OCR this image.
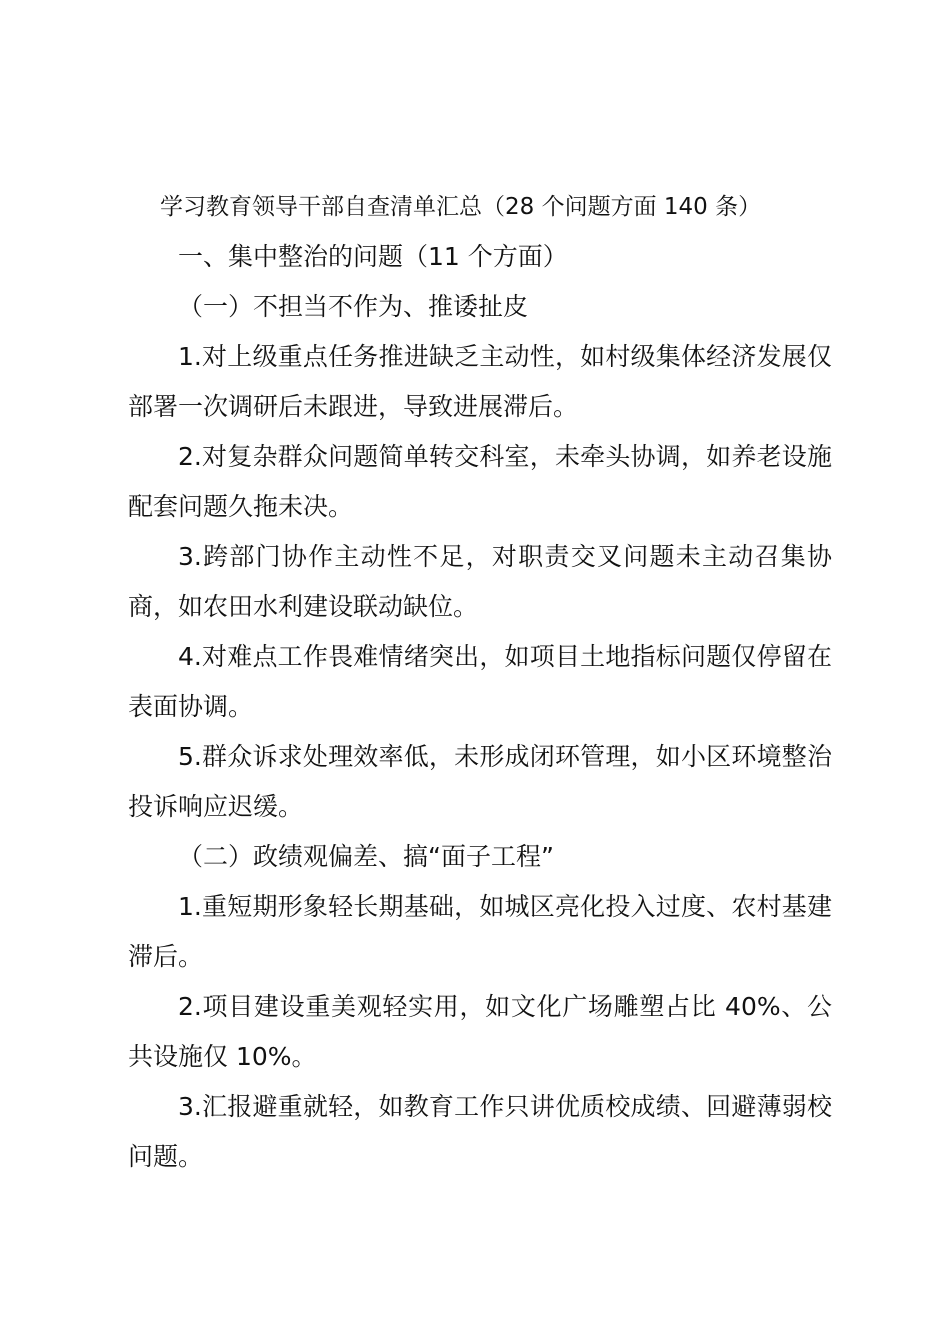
学习教育领导干部自查清单汇总（28 个问题方面 140 条）

一、集中整治的问题（11 个方面）

（一）不担当不作为、推诿扯皮

1.对上级重点任务推进缺乏主动性，如村级集体经济发展仅部署一次调研后未跟进，导致进展滞后。

2.对复杂群众问题简单转交科室，未牵头协调，如养老设施配套问题久拖未决。

3.跨部门协作主动性不足，对职责交叉问题未主动召集协商，如农田水利建设联动缺位。

4.对难点工作畏难情绪突出，如项目土地指标问题仅停留在表面协调。

5.群众诉求处理效率低，未形成闭环管理，如小区环境整治投诉响应迟缓。

（二）政绩观偏差、搞“面子工程”

1.重短期形象轻长期基础，如城区亮化投入过度、农村基建滞后。

2.项目建设重美观轻实用，如文化广场雕塑占比 40%、公共设施仅 10%。

3.汇报避重就轻，如教育工作只讲优质校成绩、回避薄弱校问题。
